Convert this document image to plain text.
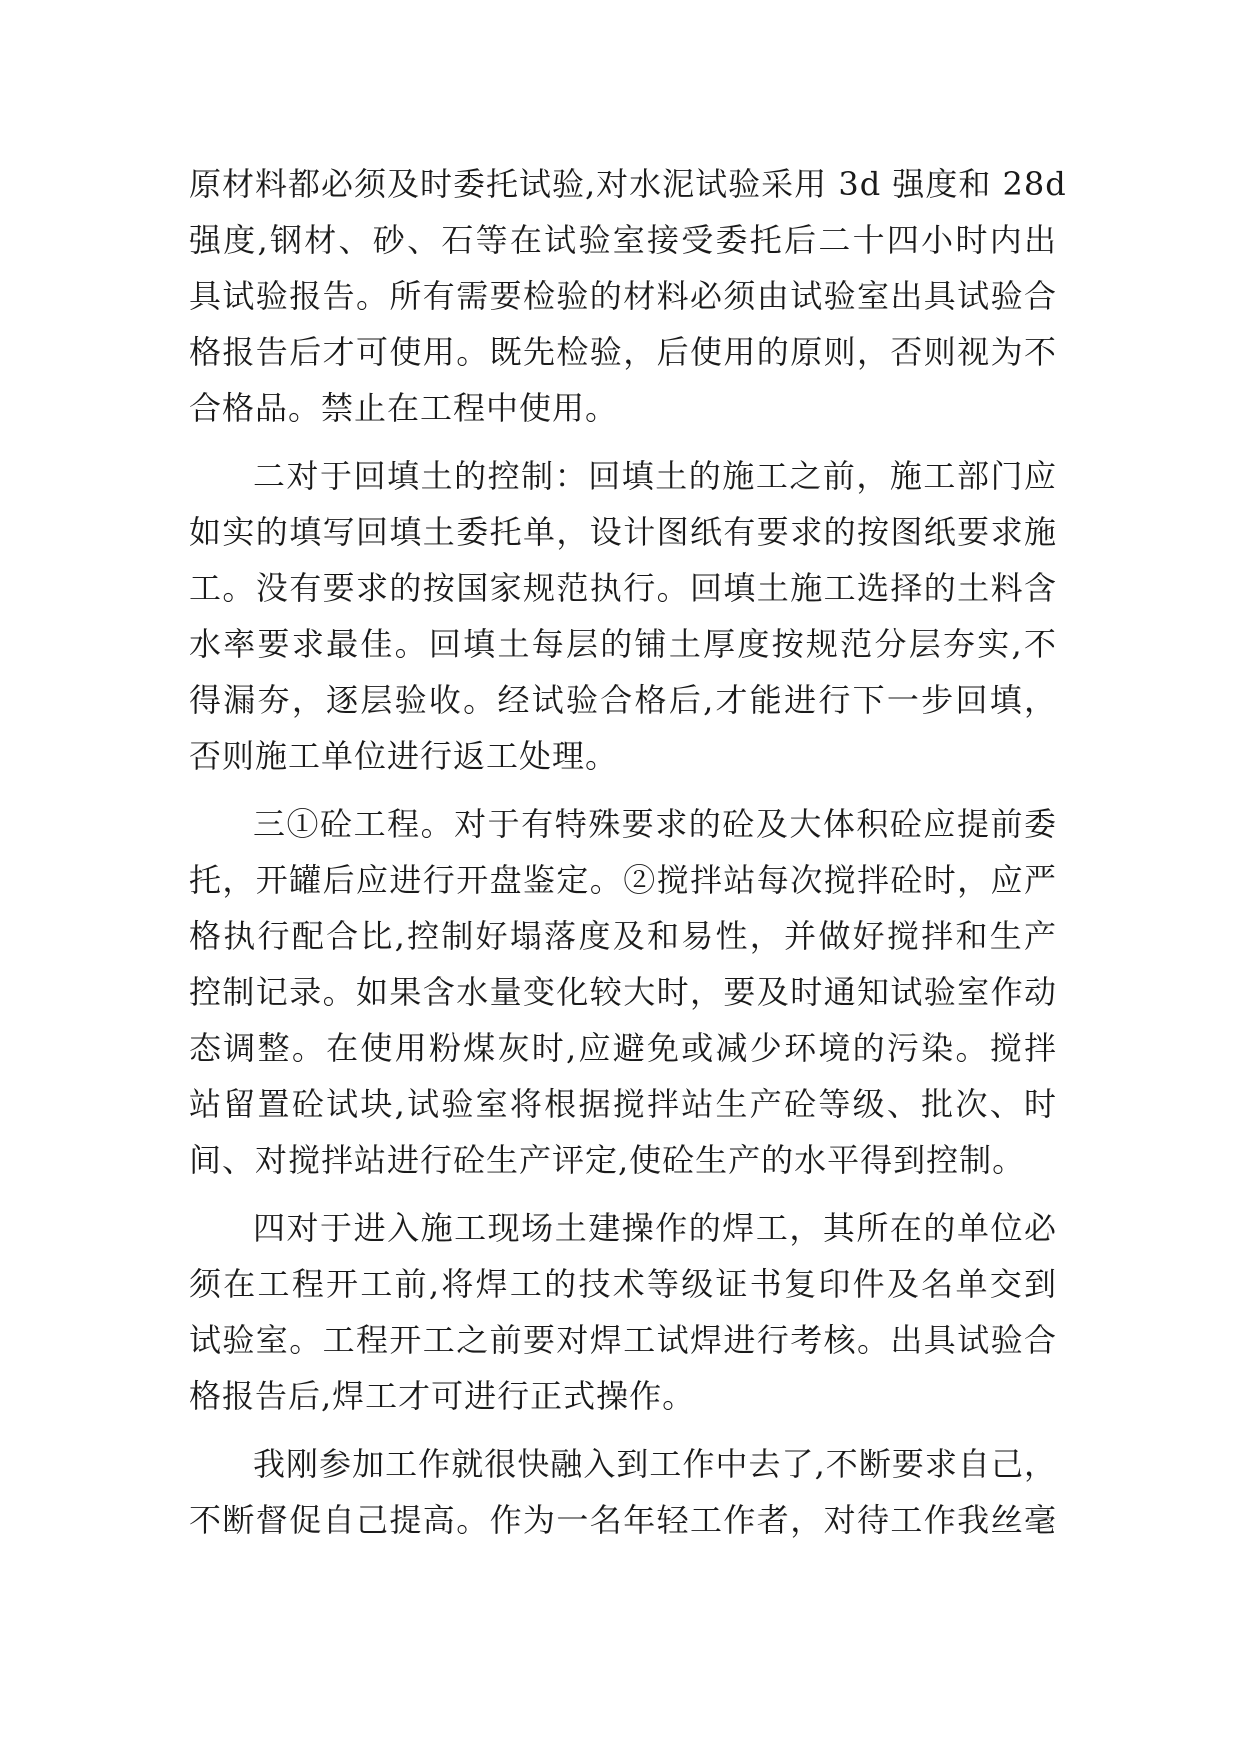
原材料都必须及时委托试验,对水泥试验采用 3d 强度和 28d
强度,钢材、砂、石等在试验室接受委托后二十四小时内出
具试验报告。所有需要检验的材料必须由试验室出具试验合
格报告后才可使用。既先检验，后使用的原则，否则视为不
合格品。禁止在工程中使用。
二对于回填土的控制：回填土的施工之前，施工部门应
如实的填写回填土委托单，设计图纸有要求的按图纸要求施
工。没有要求的按国家规范执行。回填土施工选择的土料含
水率要求最佳。回填土每层的铺土厚度按规范分层夯实,不
得漏夯，逐层验收。经试验合格后,才能进行下一步回填，
否则施工单位进行返工处理。
三①砼工程。对于有特殊要求的砼及大体积砼应提前委
托，开罐后应进行开盘鉴定。②搅拌站每次搅拌砼时，应严
格执行配合比,控制好塌落度及和易性，并做好搅拌和生产
控制记录。如果含水量变化较大时，要及时通知试验室作动
态调整。在使用粉煤灰时,应避免或减少环境的污染。搅拌
站留置砼试块,试验室将根据搅拌站生产砼等级、批次、时
间、对搅拌站进行砼生产评定,使砼生产的水平得到控制。
四对于进入施工现场土建操作的焊工，其所在的单位必
须在工程开工前,将焊工的技术等级证书复印件及名单交到
试验室。工程开工之前要对焊工试焊进行考核。出具试验合
格报告后,焊工才可进行正式操作。
我刚参加工作就很快融入到工作中去了,不断要求自己，
不断督促自己提高。作为一名年轻工作者，对待工作我丝毫
